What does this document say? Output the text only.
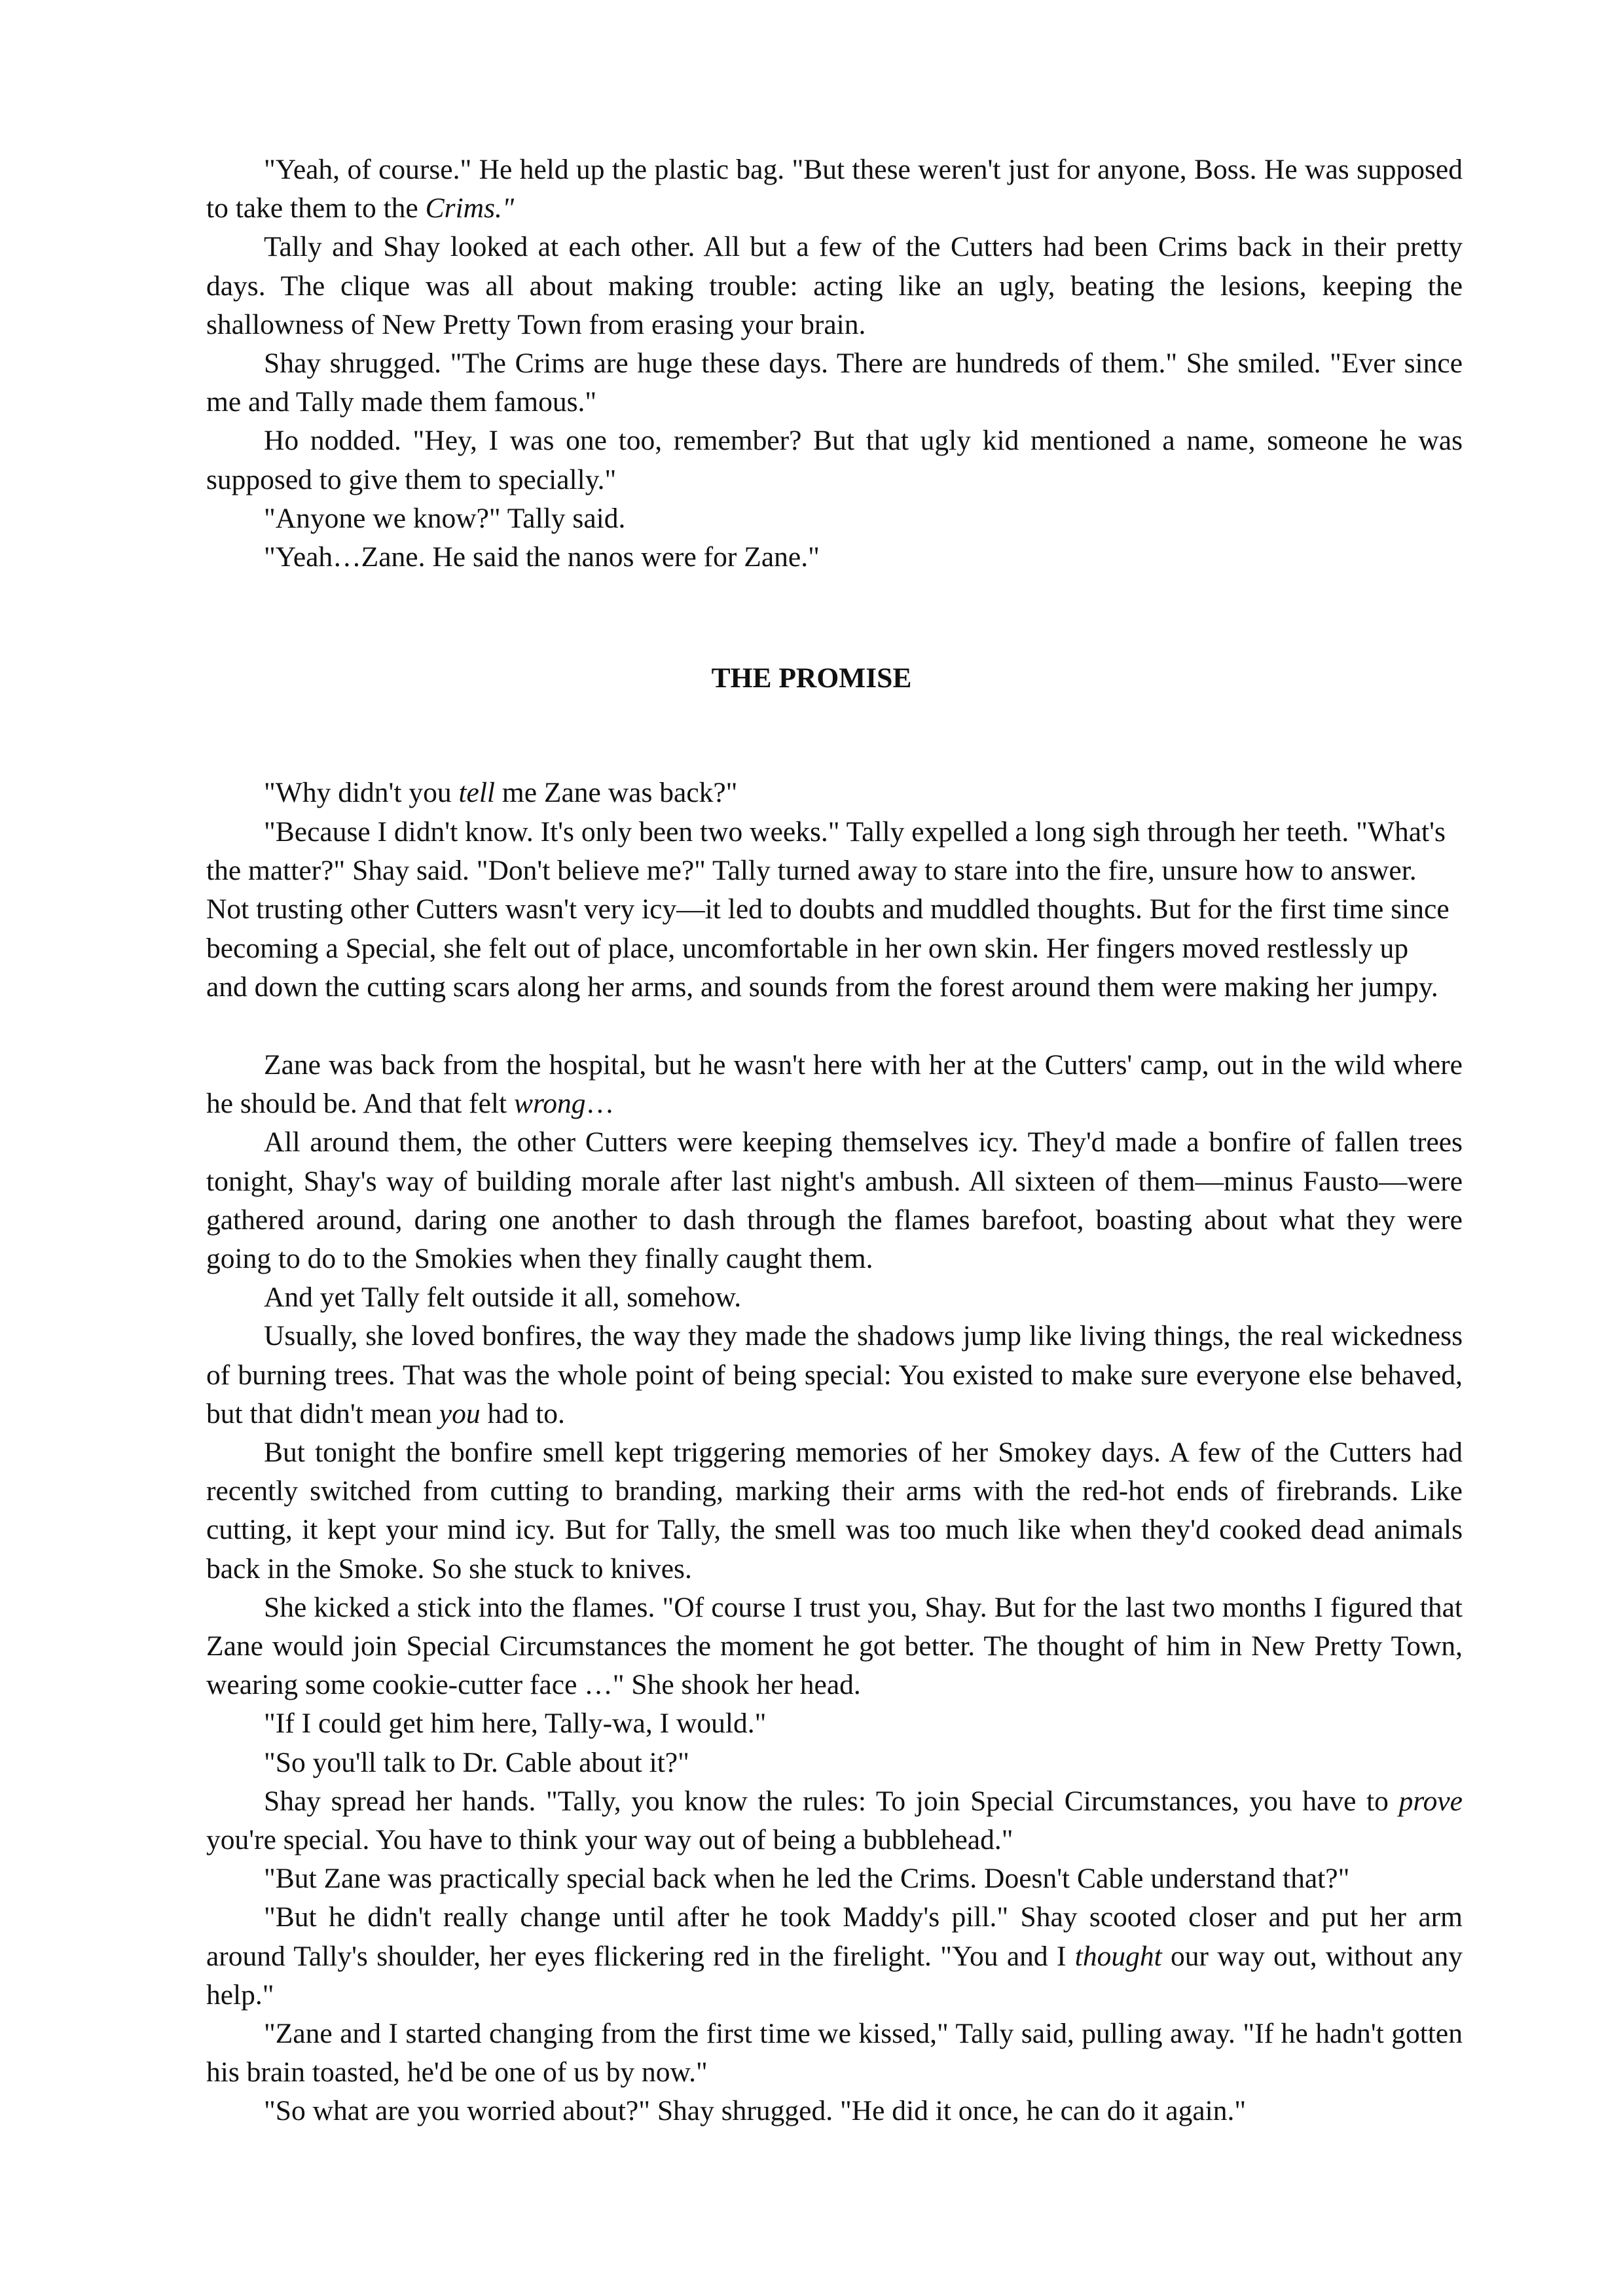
"Yeah, of course." He held up the plastic bag. "But these weren't just for anyone, Boss. He was supposed to take them to the Crims."

Tally and Shay looked at each other. All but a few of the Cutters had been Crims back in their pretty days. The clique was all about making trouble: acting like an ugly, beating the lesions, keeping the shallowness of New Pretty Town from erasing your brain.

Shay shrugged. "The Crims are huge these days. There are hundreds of them." She smiled. "Ever since me and Tally made them famous."

Ho nodded. "Hey, I was one too, remember? But that ugly kid mentioned a name, someone he was supposed to give them to specially."

"Anyone we know?" Tally said.

"Yeah…Zane. He said the nanos were for Zane."

THE PROMISE

"Why didn't you tell me Zane was back?"

"Because I didn't know. It's only been two weeks." Tally expelled a long sigh through her teeth. "What's the matter?" Shay said. "Don't believe me?" Tally turned away to stare into the fire, unsure how to answer. Not trusting other Cutters wasn't very icy—it led to doubts and muddled thoughts. But for the first time since becoming a Special, she felt out of place, uncomfortable in her own skin. Her fingers moved restlessly up and down the cutting scars along her arms, and sounds from the forest around them were making her jumpy.

Zane was back from the hospital, but he wasn't here with her at the Cutters' camp, out in the wild where he should be. And that felt wrong…

All around them, the other Cutters were keeping themselves icy. They'd made a bonfire of fallen trees tonight, Shay's way of building morale after last night's ambush. All sixteen of them—minus Fausto—were gathered around, daring one another to dash through the flames barefoot, boasting about what they were going to do to the Smokies when they finally caught them.

And yet Tally felt outside it all, somehow.

Usually, she loved bonfires, the way they made the shadows jump like living things, the real wickedness of burning trees. That was the whole point of being special: You existed to make sure everyone else behaved, but that didn't mean you had to.

But tonight the bonfire smell kept triggering memories of her Smokey days. A few of the Cutters had recently switched from cutting to branding, marking their arms with the red-hot ends of firebrands. Like cutting, it kept your mind icy. But for Tally, the smell was too much like when they'd cooked dead animals back in the Smoke. So she stuck to knives.

She kicked a stick into the flames. "Of course I trust you, Shay. But for the last two months I figured that Zane would join Special Circumstances the moment he got better. The thought of him in New Pretty Town, wearing some cookie-cutter face …" She shook her head.

"If I could get him here, Tally-wa, I would."

"So you'll talk to Dr. Cable about it?"

Shay spread her hands. "Tally, you know the rules: To join Special Circumstances, you have to prove you're special. You have to think your way out of being a bubblehead."

"But Zane was practically special back when he led the Crims. Doesn't Cable understand that?"

"But he didn't really change until after he took Maddy's pill." Shay scooted closer and put her arm around Tally's shoulder, her eyes flickering red in the firelight. "You and I thought our way out, without any help."

"Zane and I started changing from the first time we kissed," Tally said, pulling away. "If he hadn't gotten his brain toasted, he'd be one of us by now."

"So what are you worried about?" Shay shrugged. "He did it once, he can do it again."
